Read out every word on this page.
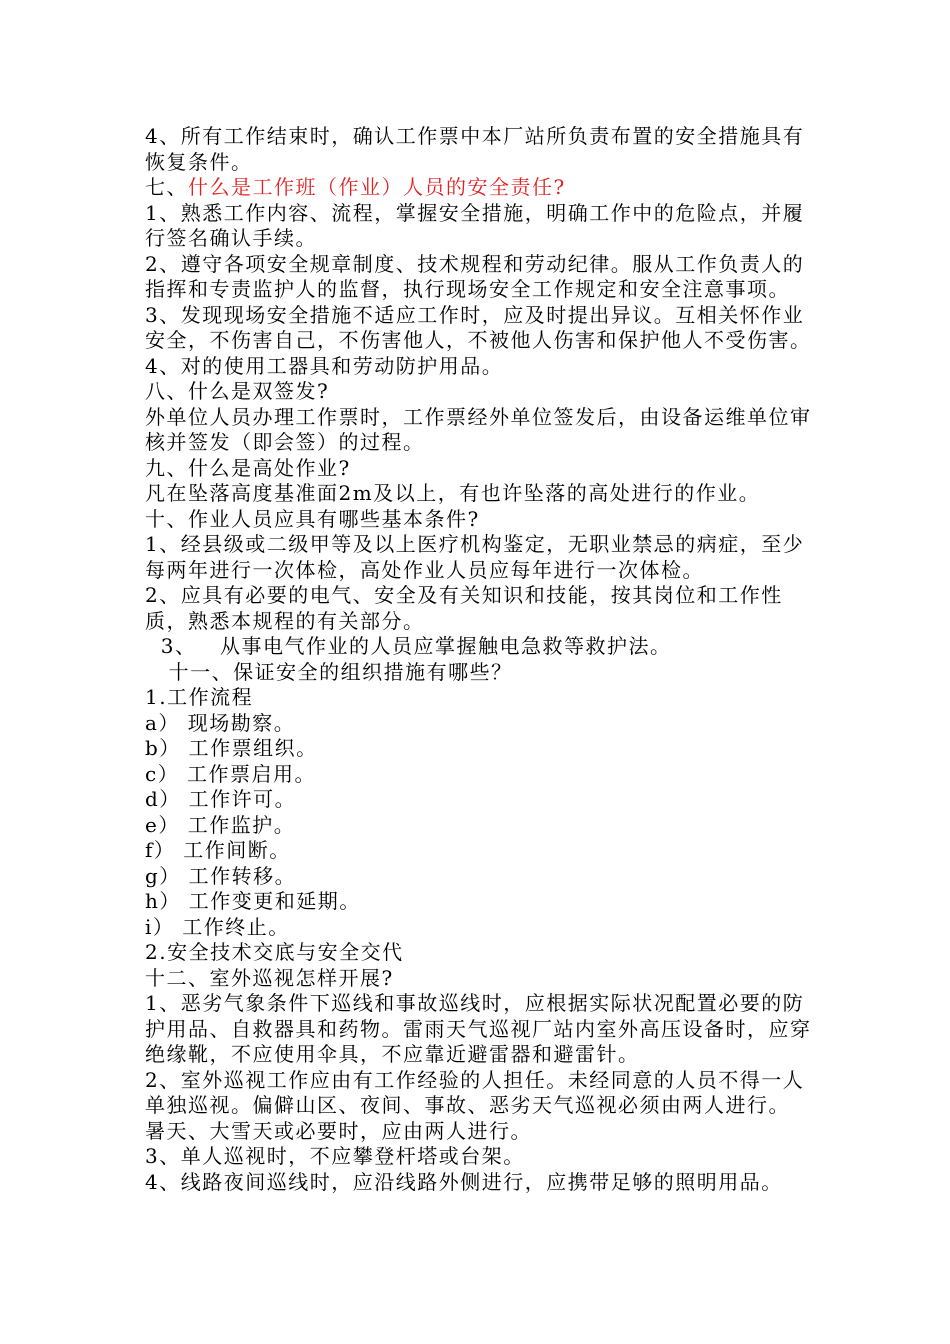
4、所有工作结束时，确认工作票中本厂站所负责布置的安全措施具有恢复条件。

七、什么是工作班（作业）人员的安全责任?

1、熟悉工作内容、流程，掌握安全措施，明确工作中的危险点，并履行签名确认手续。

2、遵守各项安全规章制度、技术规程和劳动纪律。服从工作负责人的指挥和专责监护人的监督，执行现场安全工作规定和安全注意事项。

3、发现现场安全措施不适应工作时，应及时提出异议。互相关怀作业安全，不伤害自己，不伤害他人，不被他人伤害和保护他人不受伤害。

4、对的使用工器具和劳动防护用品。

八、什么是双签发?

外单位人员办理工作票时，工作票经外单位签发后，由设备运维单位审核并签发（即会签）的过程。

九、什么是高处作业?

凡在坠落高度基准面2m及以上，有也许坠落的高处进行的作业。

十、作业人员应具有哪些基本条件?

1、经县级或二级甲等及以上医疗机构鉴定，无职业禁忌的病症，至少每两年进行一次体检，高处作业人员应每年进行一次体检。

2、应具有必要的电气、安全及有关知识和技能，按其岗位和工作性质，熟悉本规程的有关部分。

3、   从事电气作业的人员应掌握触电急救等救护法。

十一、保证安全的组织措施有哪些？

1.工作流程

a） 现场勘察。

b） 工作票组织。

c） 工作票启用。

d） 工作许可。

e） 工作监护。

f） 工作间断。

g） 工作转移。

h） 工作变更和延期。

i） 工作终止。

2.安全技术交底与安全交代

十二、室外巡视怎样开展?

1、恶劣气象条件下巡线和事故巡线时，应根据实际状况配置必要的防护用品、自救器具和药物。雷雨天气巡视厂站内室外高压设备时，应穿绝缘靴，不应使用伞具，不应靠近避雷器和避雷针。

2、室外巡视工作应由有工作经验的人担任。未经同意的人员不得一人单独巡视。偏僻山区、夜间、事故、恶劣天气巡视必须由两人进行。 暑天、大雪天或必要时，应由两人进行。

3、单人巡视时，不应攀登杆塔或台架。

4、线路夜间巡线时，应沿线路外侧进行，应携带足够的照明用品。
